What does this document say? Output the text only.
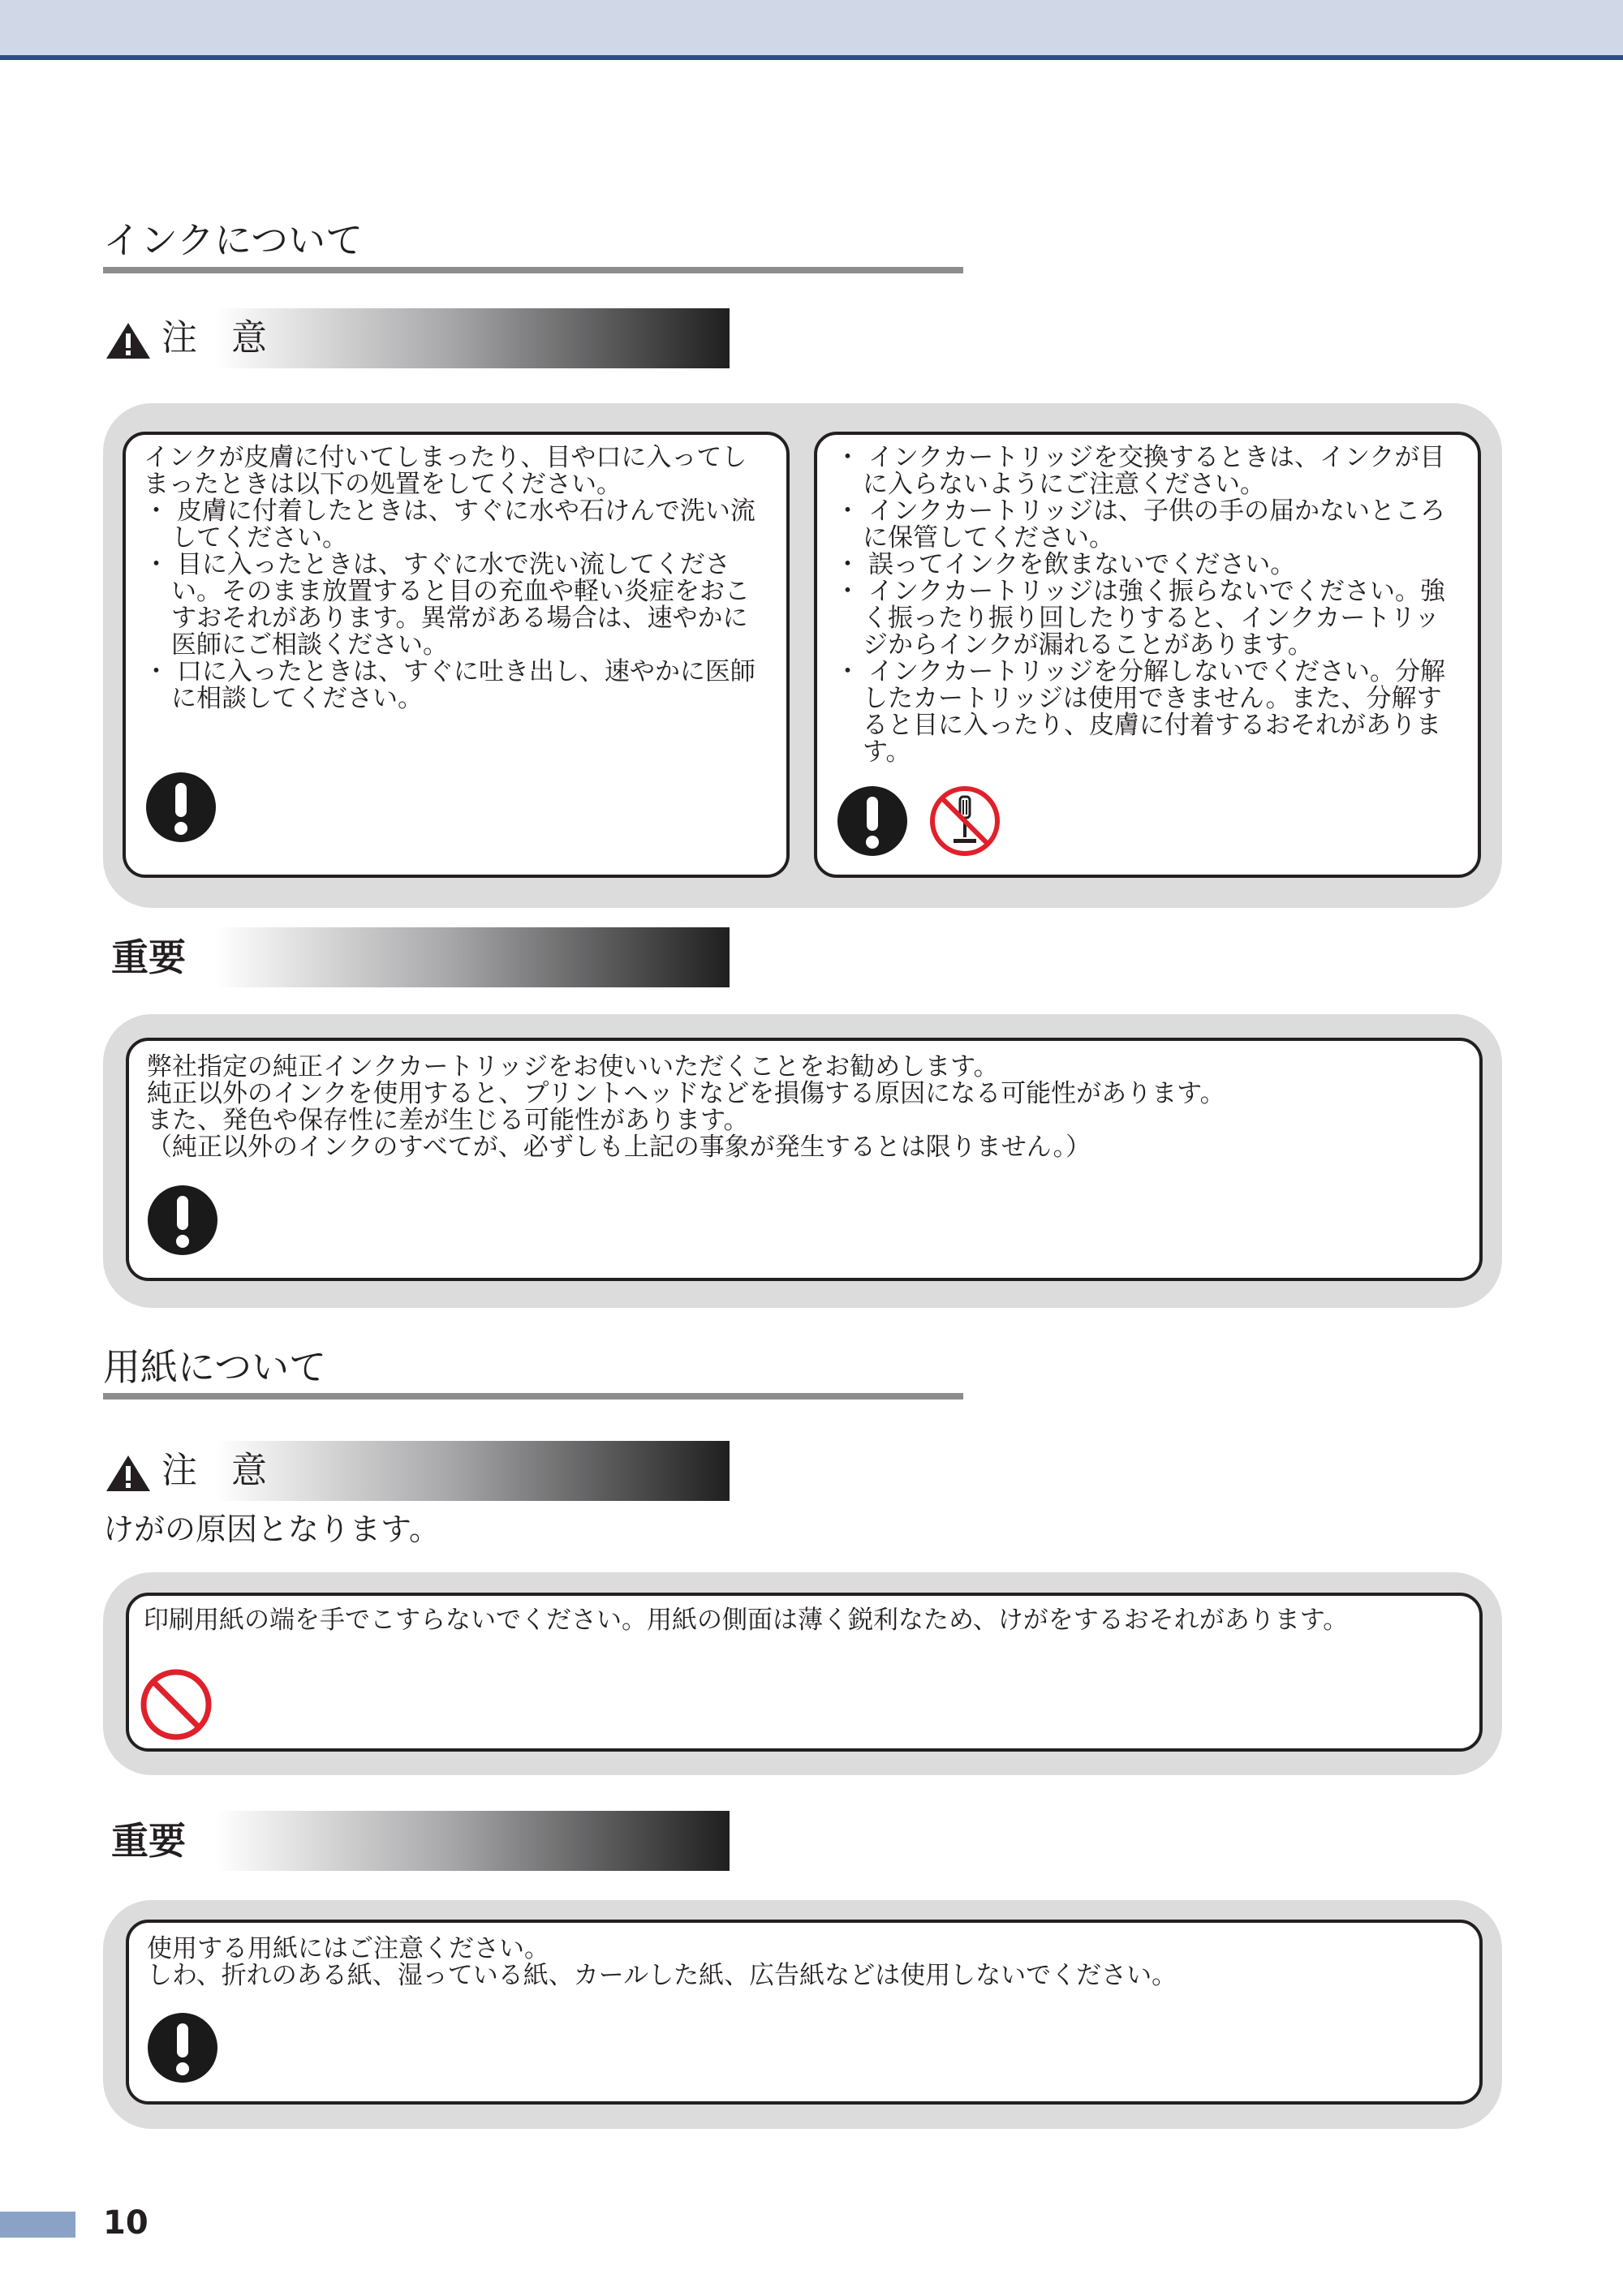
インクについて
注 意
インクが皮膚に付いてしまったり、目や口に入ってしまったときは以下の処置をしてください。
・ 皮膚に付着したときは、すぐに水や石けんで洗い流してください。
・ 目に入ったときは、すぐに水で洗い流してください。そのまま放置すると目の充血や軽い炎症をおこすおそれがあります。異常がある場合は、速やかに医師にご相談ください。
・ 口に入ったときは、すぐに吐き出し、速やかに医師に相談してください。
・ インクカートリッジを交換するときは、インクが目に入らないようにご注意ください。
・ インクカートリッジは、子供の手の届かないところに保管してください。
・ 誤ってインクを飲まないでください。
・ インクカートリッジは強く振らないでください。強く振ったり振り回したりすると、インクカートリッジからインクが漏れることがあります。
・ インクカートリッジを分解しないでください。分解したカートリッジは使用できません。また、分解すると目に入ったり、皮膚に付着するおそれがあります。
重要
弊社指定の純正インクカートリッジをお使いいただくことをお勧めします。
純正以外のインクを使用すると、プリントヘッドなどを損傷する原因になる可能性があります。
また、発色や保存性に差が生じる可能性があります。
（純正以外のインクのすべてが、必ずしも上記の事象が発生するとは限りません。）
用紙について
注 意
けがの原因となります。
印刷用紙の端を手でこすらないでください。用紙の側面は薄く鋭利なため、けがをするおそれがあります。
重要
使用する用紙にはご注意ください。
しわ、折れのある紙、湿っている紙、カールした紙、広告紙などは使用しないでください。
10
